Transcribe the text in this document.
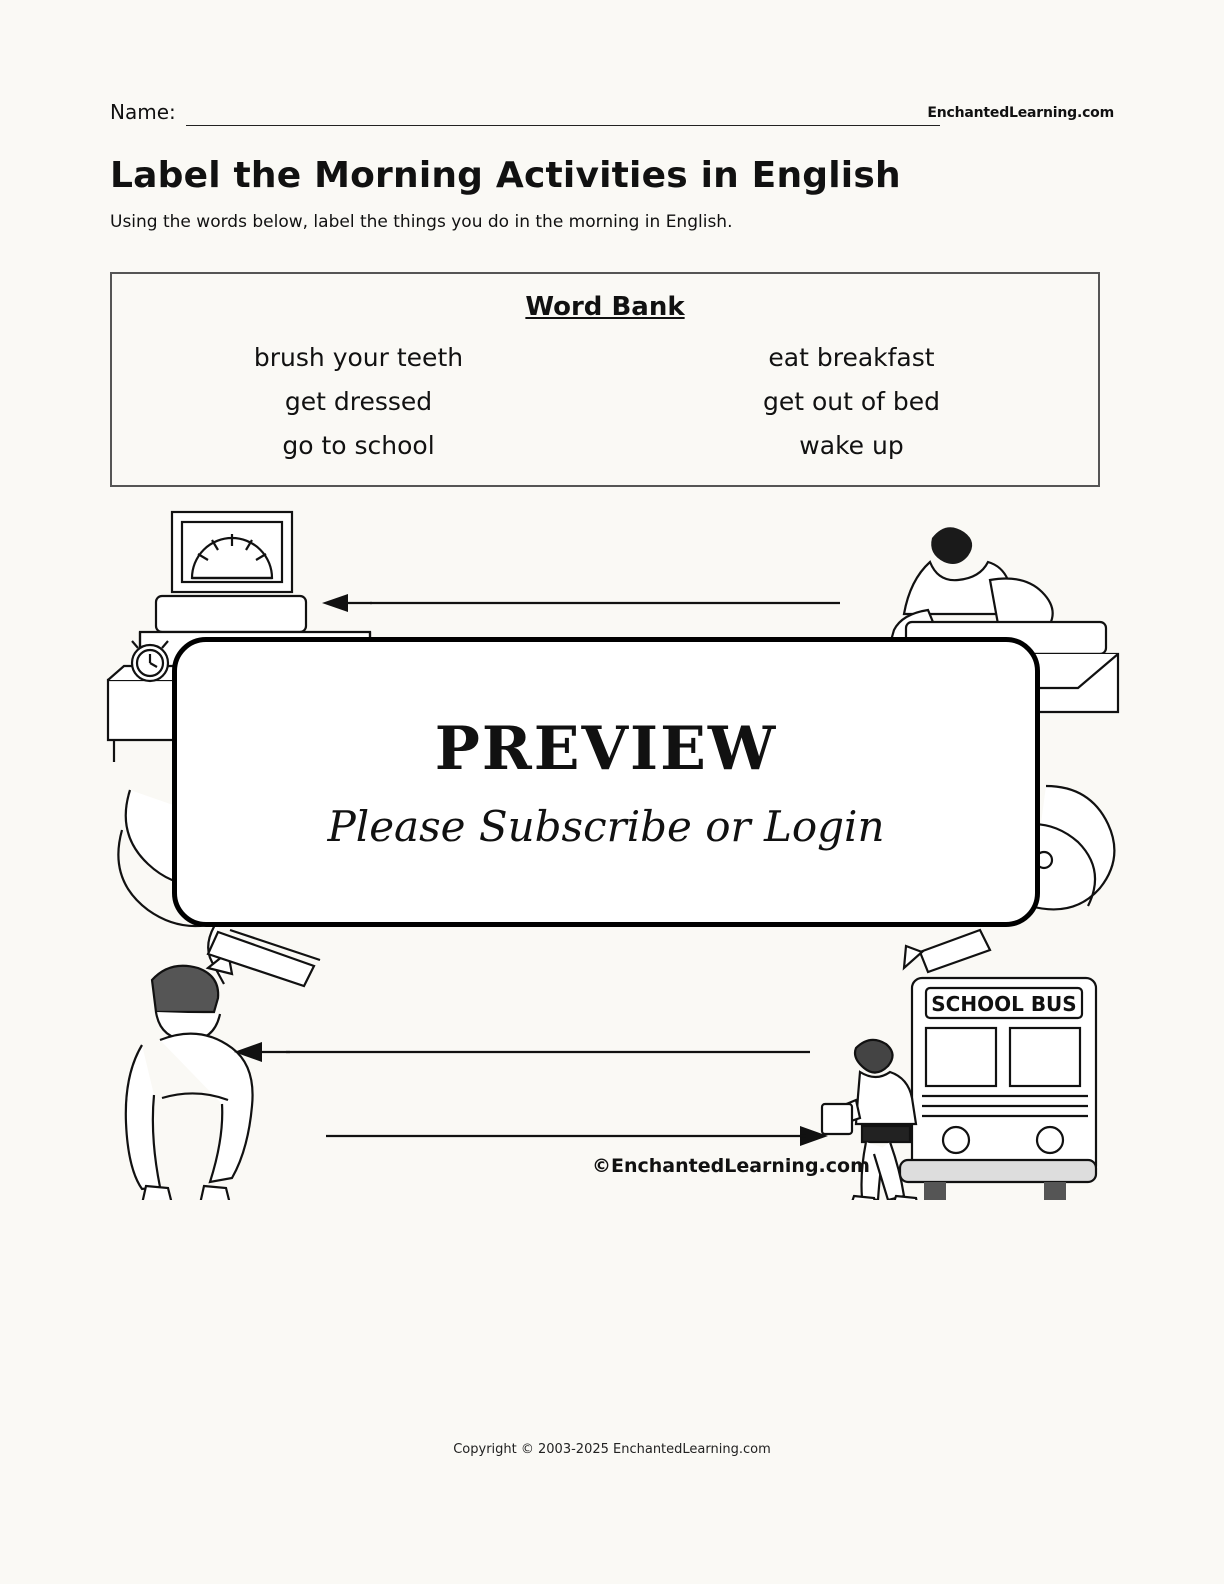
Name:	EnchantedLearning.com
Label the Morning Activities in English
Using the words below, label the things you do in the morning in English.
Word Bank
brush your teeth
get dressed
go to school
eat breakfast
get out of bed
wake up
SCHOOL BUS
©EnchantedLearning.com
PREVIEW
Please Subscribe or Login
Copyright © 2003-2025 EnchantedLearning.com
